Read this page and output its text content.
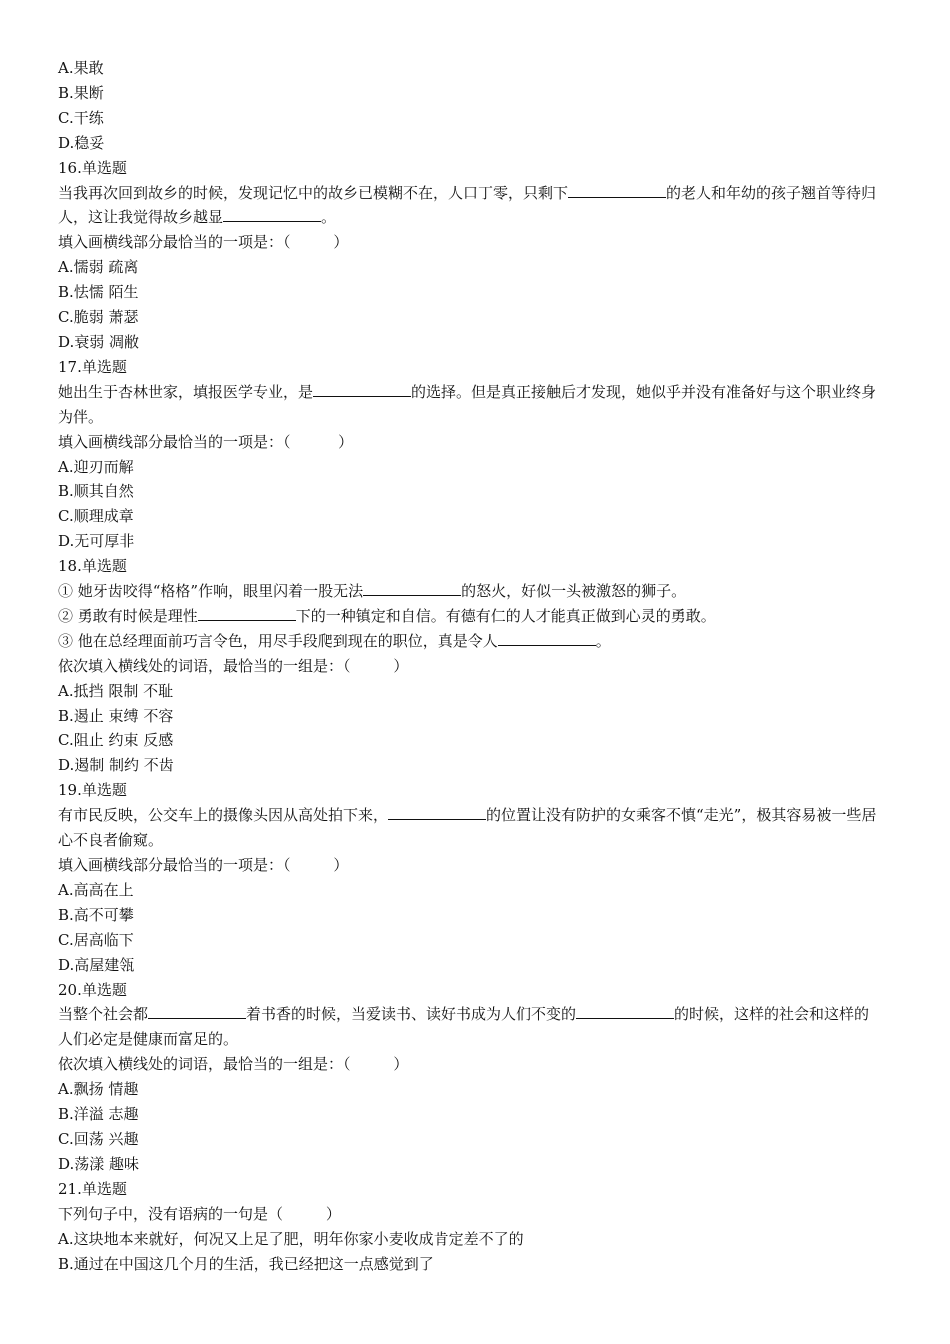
A.果敢
B.果断
C.干练
D.稳妥
16.单选题
当我再次回到故乡的时候，发现记忆中的故乡已模糊不在，人口丁零，只剩下	的老人和年幼的孩子翘首等待归人，这让我觉得故乡越显	。
填入画横线部分最恰当的一项是：（         ）
A.懦弱 疏离
B.怯懦 陌生
C.脆弱 萧瑟
D.衰弱 凋敝
17.单选题
她出生于杏林世家，填报医学专业，是	的选择。但是真正接触后才发现，她似乎并没有准备好与这个职业终身为伴。
填入画横线部分最恰当的一项是：（          ）
A.迎刃而解
B.顺其自然
C.顺理成章
D.无可厚非
18.单选题
① 她牙齿咬得“格格”作响，眼里闪着一股无法	的怒火，好似一头被激怒的狮子。
② 勇敢有时候是理性	下的一种镇定和自信。有德有仁的人才能真正做到心灵的勇敢。
③ 他在总经理面前巧言令色，用尽手段爬到现在的职位，真是令人	。
依次填入横线处的词语，最恰当的一组是：（         ）
A.抵挡 限制 不耻
B.遏止 束缚 不容
C.阻止 约束 反感
D.遏制 制约 不齿
19.单选题
有市民反映，公交车上的摄像头因从高处拍下来，	的位置让没有防护的女乘客不慎“走光”，极其容易被一些居心不良者偷窥。
填入画横线部分最恰当的一项是：（         ）
A.高高在上
B.高不可攀
C.居高临下
D.高屋建瓴
20.单选题
当整个社会都	着书香的时候，当爱读书、读好书成为人们不变的	的时候，这样的社会和这样的人们必定是健康而富足的。
依次填入横线处的词语，最恰当的一组是：（         ）
A.飘扬 情趣
B.洋溢 志趣
C.回荡 兴趣
D.荡漾 趣味
21.单选题
下列句子中，没有语病的一句是（         ）
A.这块地本来就好，何况又上足了肥，明年你家小麦收成肯定差不了的
B.通过在中国这几个月的生活，我已经把这一点感觉到了
